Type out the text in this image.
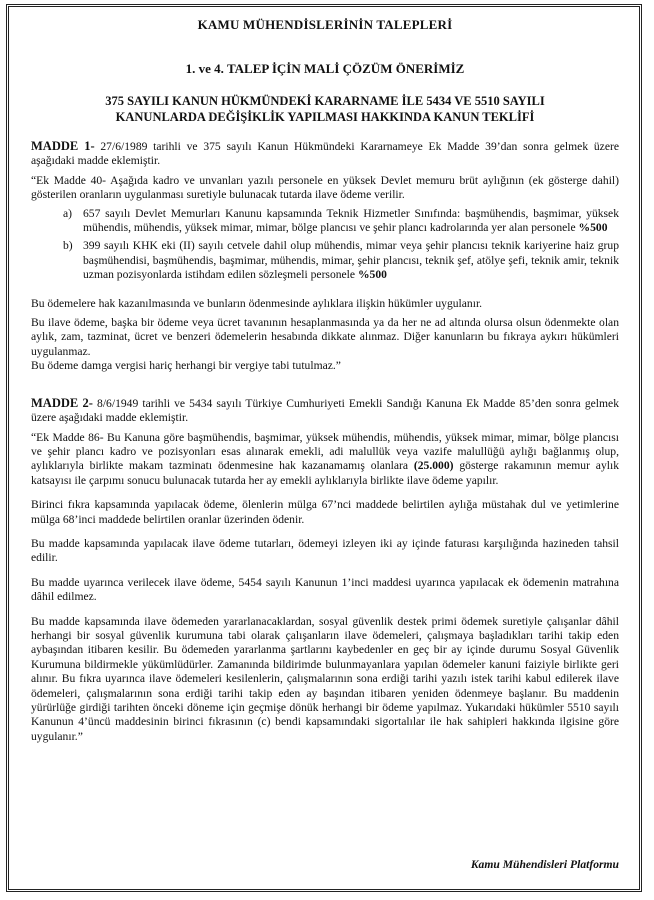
KAMU MÜHENDİSLERİNİN TALEPLERİ
1. ve 4. TALEP İÇİN MALİ ÇÖZÜM ÖNERİMİZ
375 SAYILI KANUN HÜKMÜNDEKİ KARARNAME İLE 5434 VE 5510 SAYILI
KANUNLARDA DEĞİŞİKLİK YAPILMASI HAKKINDA KANUN TEKLİFİ

MADDE 1- 27/6/1989 tarihli ve 375 sayılı Kanun Hükmündeki Kararnameye Ek Madde 39’dan sonra gelmek üzere aşağıdaki madde eklemiştir.

“Ek Madde 40- Aşağıda kadro ve unvanları yazılı personele en yüksek Devlet memuru brüt aylığının (ek gösterge dahil) gösterilen oranların uygulanması suretiyle bulunacak tutarda ilave ödeme verilir.

a) 657 sayılı Devlet Memurları Kanunu kapsamında Teknik Hizmetler Sınıfında: başmühendis, başmimar, yüksek mühendis, mühendis, yüksek mimar, mimar, bölge plancısı ve şehir plancı kadrolarında yer alan personele %500
b) 399 sayılı KHK eki (II) sayılı cetvele dahil olup mühendis, mimar veya şehir plancısı teknik kariyerine haiz grup başmühendisi, başmühendis, başmimar, mühendis, mimar, şehir plancısı, teknik şef, atölye şefi, teknik amir, teknik uzman pozisyonlarda istihdam edilen sözleşmeli personele %500

Bu ödemelere hak kazanılmasında ve bunların ödenmesinde aylıklara ilişkin hükümler uygulanır.

Bu ilave ödeme, başka bir ödeme veya ücret tavanının hesaplanmasında ya da her ne ad altında olursa olsun ödenmekte olan aylık, zam, tazminat, ücret ve benzeri ödemelerin hesabında dikkate alınmaz. Diğer kanunların bu fıkraya aykırı hükümleri uygulanmaz.

Bu ödeme damga vergisi hariç herhangi bir vergiye tabi tutulmaz.”

MADDE 2- 8/6/1949 tarihli ve 5434 sayılı Türkiye Cumhuriyeti Emekli Sandığı Kanuna Ek Madde 85’den sonra gelmek üzere aşağıdaki madde eklemiştir.

“Ek Madde 86- Bu Kanuna göre başmühendis, başmimar, yüksek mühendis, mühendis, yüksek mimar, mimar, bölge plancısı ve şehir plancı kadro ve pozisyonları esas alınarak emekli, adi malullük veya vazife malullüğü aylığı bağlanmış olup, aylıklarıyla birlikte makam tazminatı ödenmesine hak kazanamamış olanlara (25.000) gösterge rakamının memur aylık katsayısı ile çarpımı sonucu bulunacak tutarda her ay emekli aylıklarıyla birlikte ilave ödeme yapılır.

Birinci fıkra kapsamında yapılacak ödeme, ölenlerin mülga 67’nci maddede belirtilen aylığa müstahak dul ve yetimlerine mülga 68’inci maddede belirtilen oranlar üzerinden ödenir.

Bu madde kapsamında yapılacak ilave ödeme tutarları, ödemeyi izleyen iki ay içinde faturası karşılığında hazineden tahsil edilir.

Bu madde uyarınca verilecek ilave ödeme, 5454 sayılı Kanunun 1’inci maddesi uyarınca yapılacak ek ödemenin matrahına dâhil edilmez.

Bu madde kapsamında ilave ödemeden yararlanacaklardan, sosyal güvenlik destek primi ödemek suretiyle çalışanlar dâhil herhangi bir sosyal güvenlik kurumuna tabi olarak çalışanların ilave ödemeleri, çalışmaya başladıkları tarihi takip eden aybaşından itibaren kesilir. Bu ödemeden yararlanma şartlarını kaybedenler en geç bir ay içinde durumu Sosyal Güvenlik Kurumuna bildirmekle yükümlüdürler. Zamanında bildirimde bulunmayanlara yapılan ödemeler kanuni faiziyle birlikte geri alınır. Bu fıkra uyarınca ilave ödemeleri kesilenlerin, çalışmalarının sona erdiği tarihi yazılı istek tarihi kabul edilerek ilave ödemeleri, çalışmalarının sona erdiği tarihi takip eden ay başından itibaren yeniden ödenmeye başlanır. Bu maddenin yürürlüğe girdiği tarihten önceki döneme için geçmişe dönük herhangi bir ödeme yapılmaz. Yukarıdaki hükümler 5510 sayılı Kanunun 4’üncü maddesinin birinci fıkrasının (c) bendi kapsamındaki sigortalılar ile hak sahipleri hakkında ilgisine göre uygulanır.”

Kamu Mühendisleri Platformu
